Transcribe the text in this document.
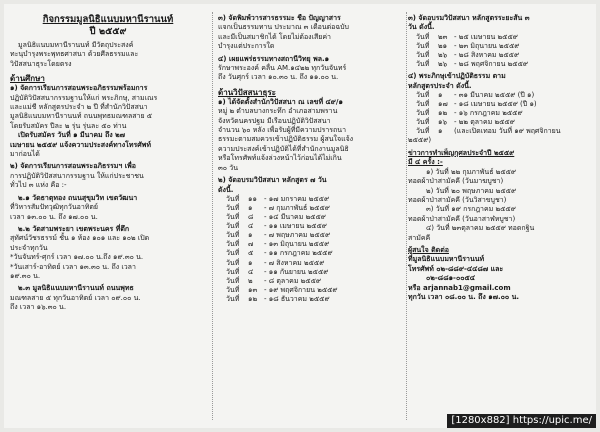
กิจกรรมมูลนิธิแนบมหานีรานนท์
ปี ๒๕๕๙
มูลนิธิแนบมหานีรานนท์ มีวัตถุประสงค์
ทะนุบำรุงพระพุทธศาสนา ด้วยศีลธรรมและ
วิปัสสนาธุระโดยตรง
ด้านศึกษา
๑) จัดการเรียนการสอนพระอภิธรรมพร้อมการ
ปฏิบัติวิปัสสนากรรมฐานให้แก่ พระภิกษุ, สามเณร
และแม่ชี หลักสูตรประจำ ๒ ปี ที่สำนักวิปัสสนา
มูลนิธิแนบมหานีรานนท์ ถนนพุทธมณฑลสาย ๕
โดยรับสมัคร ปีละ ๒ รุ่น รุ่นละ ๕๐ ท่าน
เปิดรับสมัคร วันที่ ๑ มีนาคม ถึง ๒๗
เมษายน ๒๕๕๙ แจ้งความประสงค์ทางโทรศัพท์
มาก่อนได้
๒) จัดการเรียนการสอนพระอภิธรรมฯ เพื่อ
การปฏิบัติวิปัสสนากรรมฐาน ให้แก่ประชาชน
ทั่วไป ๓ แห่ง คือ :-
๒.๑ วัดธาตุทอง ถนนสุขุมวิท เขตวัฒนา
ที่วิหารสัมปัทวุฒิทุกวันอาทิตย์
เวลา ๑๓.๐๐ น. ถึง ๑๗.๐๐ น.
๒.๒ วัดสามพระยา เขตพระนคร ที่ตึก
สุทัศน์วัชรธรรม์ ชั้น ๑ ห้อง ๑๐๑ และ ๑๐๒ เปิด
ประจำทุกวัน
*วันจันทร์-ศุกร์ เวลา ๑๗.๐๐ น.ถึง ๑๙.๓๐ น.
*วันเสาร์-อาทิตย์ เวลา ๑๓.๓๐ น. ถึง เวลา
๑๙.๓๐ น.
๒.๓ มูลนิธิแนบมหานีรานนท์ ถนนพุทธ
มณฑลสาย ๕ ทุกวันอาทิตย์ เวลา ๐๙.๐๐ น.
ถึง เวลา ๑๖.๓๐ น.
๓) จัดพิมพ์วารสารธรรมะ ชื่อ ปัญญาสาร
แจกเป็นธรรมทาน ประมาณ ๓ เดือนต่อฉบับ
และมีเป็นสมาชิกได้ โดยไม่ต้องเสียค่า
บำรุงแต่ประการใด
๔) เผยแพร่ธรรมทางสถานีวิทยุ พล.๑
รักษาพระองค์ คลื่น AM.๑๔๒๒ ทุกวันจันทร์
ถึง วันศุกร์ เวลา ๑๐.๓๐ น. ถึง ๑๑.๐๐ น.
ด้านวิปัสสนาธุระ
๑) ได้จัดตั้งสำนักวิปัสสนา ณ เลขที่ ๔๙/๑
หมู่ ๒ ตำบลบางกระทึก อำเภอสามพราน
จังหวัดนครปฐม มีเรือนปฏิบัติวิปัสสนา
จำนวน ๖๐ หลัง เพื่อรับผู้ที่มีความปรารถนา
ธรรมะตามสมควรเข้าปฏิบัติธรรม ผู้สนใจแจ้ง
ความประสงค์เข้าปฏิบัติได้ที่สำนักงานมูลนิธิ
หรือโทรศัพท์แจ้งล่วงหน้าไว้ก่อนได้ไม่เกิน
๓๐ วัน
๒) จัดอบรมวิปัสสนา หลักสูตร ๗ วัน
ดังนี้.
วันที่	๑๑	- ๑๗ มกราคม ๒๕๕๙
วันที่	๑	- ๗ กุมภาพันธ์ ๒๕๕๙
วันที่	๘	- ๑๔ มีนาคม ๒๕๕๙
วันที่	๔	- ๑๑ เมษายน ๒๕๕๙
วันที่	๑	- ๗ พฤษภาคม ๒๕๕๙
วันที่	๗	- ๑๓ มิถุนายน ๒๕๕๙
วันที่	๕	- ๑๑ กรกฎาคม ๒๕๕๙
วันที่	๑	- ๗ สิงหาคม ๒๕๕๙
วันที่	๔	- ๑๑ กันยายน ๒๕๕๙
วันที่	๒	- ๘ ตุลาคม ๒๕๕๙
วันที่	๑๓ - ๑๙ พฤศจิกายน ๒๕๕๙
วันที่	๑๒ - ๑๘ ธันวาคม ๒๕๕๙
๓) จัดอบรมวิปัสสนา หลักสูตรระยะสั้น ๓
วัน ดังนี้.
วันที่	๒๓ - ๒๕ เมษายน ๒๕๕๙
วันที่	๒๑ - ๒๓ มิถุนายน ๒๕๕๙
วันที่	๒๖ - ๒๘ สิงหาคม ๒๕๕๙
วันที่	๒๖ - ๒๘ พฤศจิกายน ๒๕๕๙
๔) พระภิกษุเข้าปฏิบัติธรรม ตาม
หลักสูตรประจำ ดังนี้.
วันที่	๑	- ๓๑ มีนาคม ๒๕๕๙ (ปี ๑)
วันที่	๑๗ - ๑๘ เมษายน ๒๕๕๙ (ปี ๑)
วันที่	๑๒ - ๑๖ กรกฎาคม ๒๕๕๙
วันที่	๑๖	- ๒๒ ตุลาคม ๒๕๕๙
วันที่	๑	(และเปิดเทอม วันที่ ๑๙ พฤศจิกายน
๒๕๕๙)
ข่าวการทำเพ็ญกุศลประจำปี ๒๕๕๙
มี ๔ ครั้ง :-
๑) วันที่ ๒๒ กุมภาพันธ์ ๒๕๕๙
ทอดผ้าป่าสามัคคี (วันมาฆบูชา)
๒) วันที่ ๒๐ พฤษภาคม ๒๕๕๙
ทอดผ้าป่าสามัคคี (วันวิสาขบูชา)
๓) วันที่ ๑๙ กรกฎาคม ๒๕๕๙
ทอดผ้าป่าสามัคคี (วันอาสาฬหบูชา)
๔) วันที่ ๒๓ตุลาคม ๒๕๕๙ ทอดกฐิน
สามัคคี
ผู้สนใจ ติดต่อ
ที่มูลนิธิแนบมหานีรานนท์
โทรศัพท์ ๐๒-๘๘๙-๔๔๘๗ และ
๐๒-๘๘๑-๐๐๕๔
หรือ arjannab1@gmail.com
ทุกวัน เวลา ๐๘.๐๐ น. ถึง ๑๗.๐๐ น.
[1280x882] https://upic.me/
